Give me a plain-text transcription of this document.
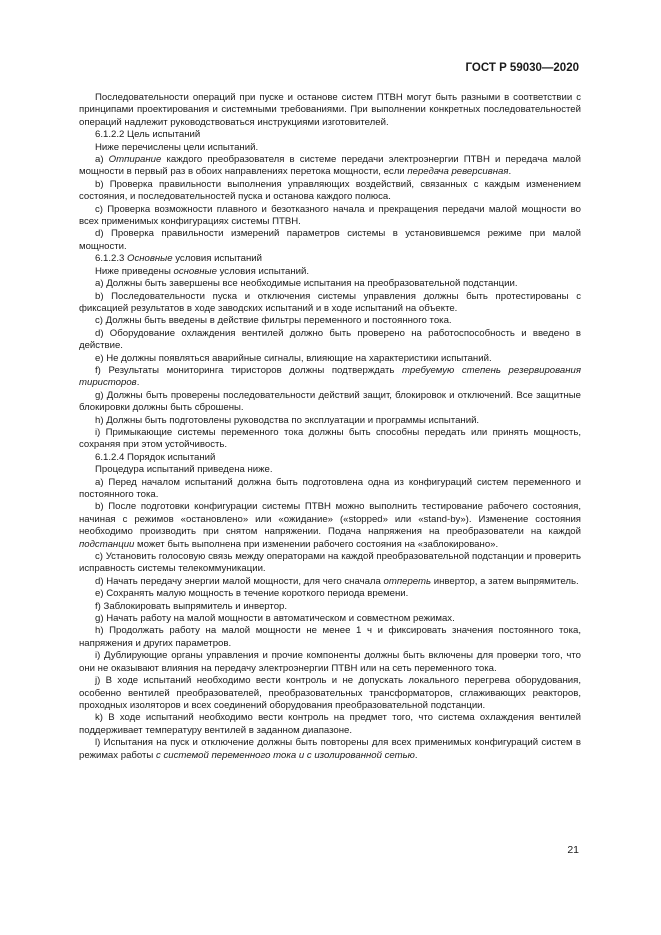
ГОСТ Р 59030—2020

Последовательности операций при пуске и останове систем ПТВН могут быть разными в соответствии с принципами проектирования и системными требованиями. При выполнении конкретных последовательностей операций надлежит руководствоваться инструкциями изготовителей.

6.1.2.2 Цель испытаний

Ниже перечислены цели испытаний.

a) Отпирание каждого преобразователя в системе передачи электроэнергии ПТВН и передача малой мощности в первый раз в обоих направлениях перетока мощности, если передача реверсивная.

b) Проверка правильности выполнения управляющих воздействий, связанных с каждым изменением состояния, и последовательностей пуска и останова каждого полюса.

c) Проверка возможности плавного и безотказного начала и прекращения передачи малой мощности во всех применимых конфигурациях системы ПТВН.

d) Проверка правильности измерений параметров системы в установившемся режиме при малой мощности.

6.1.2.3 Основные условия испытаний

Ниже приведены основные условия испытаний.

a) Должны быть завершены все необходимые испытания на преобразовательной подстанции.

b) Последовательности пуска и отключения системы управления должны быть протестированы с фиксацией результатов в ходе заводских испытаний и в ходе испытаний на объекте.

c) Должны быть введены в действие фильтры переменного и постоянного тока.

d) Оборудование охлаждения вентилей должно быть проверено на работоспособность и введено в действие.

e) Не должны появляться аварийные сигналы, влияющие на характеристики испытаний.

f) Результаты мониторинга тиристоров должны подтверждать требуемую степень резервирования тиристоров.

g) Должны быть проверены последовательности действий защит, блокировок и отключений. Все защитные блокировки должны быть сброшены.

h) Должны быть подготовлены руководства по эксплуатации и программы испытаний.

i) Примыкающие системы переменного тока должны быть способны передать или принять мощность, сохраняя при этом устойчивость.

6.1.2.4 Порядок испытаний

Процедура испытаний приведена ниже.

a) Перед началом испытаний должна быть подготовлена одна из конфигураций систем переменного и постоянного тока.

b) После подготовки конфигурации системы ПТВН можно выполнить тестирование рабочего состояния, начиная с режимов «остановлено» или «ожидание» («stopped» или «stand-by»). Изменение состояния необходимо производить при снятом напряжении. Подача напряжения на преобразователи на каждой подстанции может быть выполнена при изменении рабочего состояния на «заблокировано».

c) Установить голосовую связь между операторами на каждой преобразовательной подстанции и проверить исправность системы телекоммуникации.

d) Начать передачу энергии малой мощности, для чего сначала отпереть инвертор, а затем выпрямитель.

e) Сохранять малую мощность в течение короткого периода времени.

f) Заблокировать выпрямитель и инвертор.

g) Начать работу на малой мощности в автоматическом и совместном режимах.

h) Продолжать работу на малой мощности не менее 1 ч и фиксировать значения постоянного тока, напряжения и других параметров.

i) Дублирующие органы управления и прочие компоненты должны быть включены для проверки того, что они не оказывают влияния на передачу электроэнергии ПТВН или на сеть переменного тока.

j) В ходе испытаний необходимо вести контроль и не допускать локального перегрева оборудования, особенно вентилей преобразователей, преобразовательных трансформаторов, сглаживающих реакторов, проходных изоляторов и всех соединений оборудования преобразовательной подстанции.

k) В ходе испытаний необходимо вести контроль на предмет того, что система охлаждения вентилей поддерживает температуру вентилей в заданном диапазоне.

l) Испытания на пуск и отключение должны быть повторены для всех применимых конфигураций систем в режимах работы с системой переменного тока и с изолированной сетью.

21
